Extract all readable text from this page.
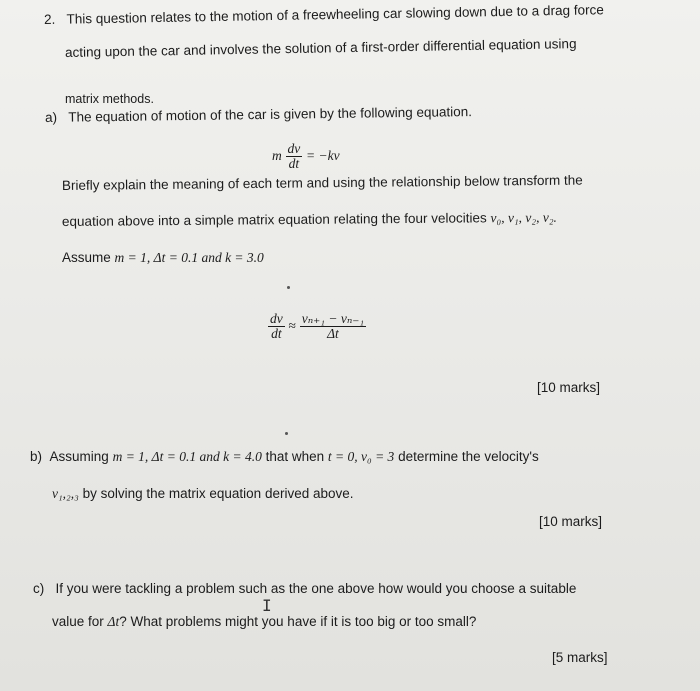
2. This question relates to the motion of a freewheeling car slowing down due to a drag force
acting upon the car and involves the solution of a first-order differential equation using
matrix methods.
a) The equation of motion of the car is given by the following equation.
m $\frac{dv}{dt} = -kv$
Briefly explain the meaning of each term and using the relationship below transform the
equation above into a simple matrix equation relating the four velocities v₀, v₁, v₂, v₂.
Assume m = 1, Δt = 0.1 and k = 3.0
$\frac{dv}{dt} \approx \frac{\text{vₙ₊₁ − vₙ₋₁}}{\Delta t}$
[10 marks]
b) Assuming m = 1, Δt = 0.1 and k = 4.0 that when t = 0, v₀ = 3 determine the velocity's
v₁,₂,₃ by solving the matrix equation derived above.
[10 marks]
c) If you were tackling a problem such as the one above how would you choose a suitable
I
value for Δt? What problems might you have if it is too big or too small?
[5 marks]
